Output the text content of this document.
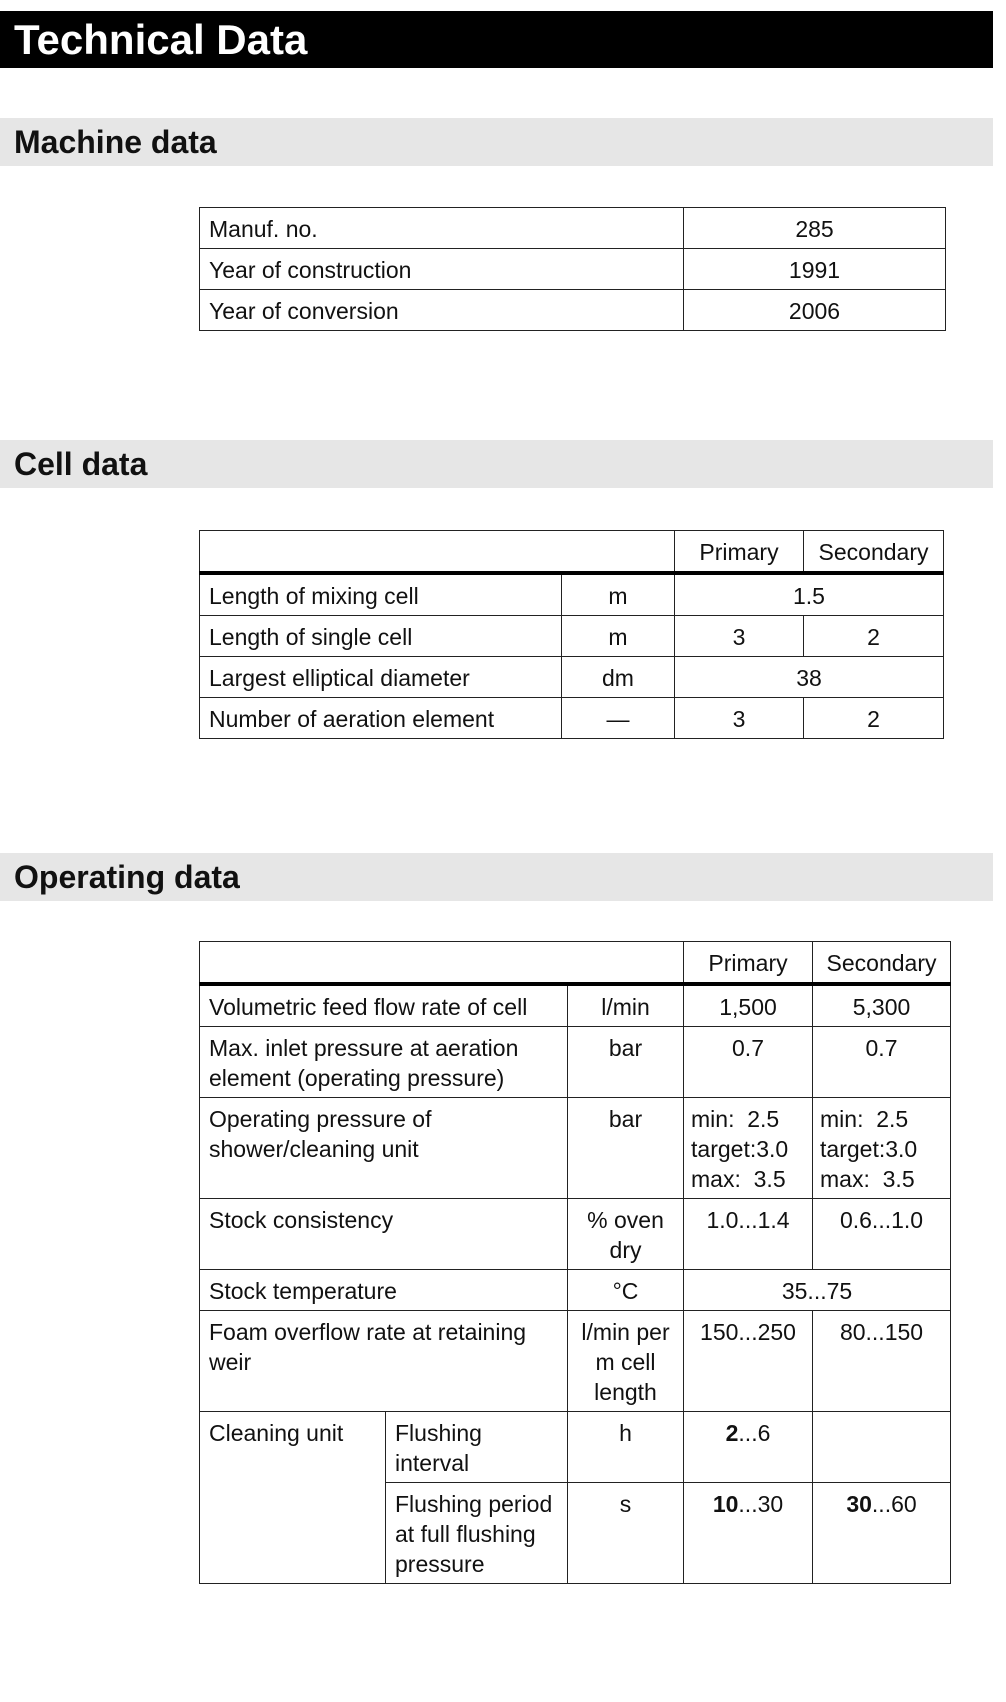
Technical Data
Machine data
Manuf. no.	285
Year of construction	1991
Year of conversion	2006
Cell data
		Primary	Secondary
Length of mixing cell	m	1.5	
Length of single cell	m	3	2
Largest elliptical diameter	dm	38	
Number of aeration element	—	3	2
Operating data
			Primary	Secondary
Volumetric feed flow rate of cell		l/min	1,500	5,300
Max. inlet pressure at aeration element (operating pressure)		bar	0.7	0.7
Operating pressure of shower/cleaning unit		bar	min:  2.5
target:3.0
max:  3.5	min:  2.5
target:3.0
max:  3.5
Stock consistency		% oven dry	1.0...1.4	0.6...1.0
Stock temperature		°C	35...75	
Foam overflow rate at retaining weir		l/min per m cell length	150...250	80...150
Cleaning unit	Flushing interval	h	2...6	
	Flushing period at full flushing pressure	s	10...30	30...60
